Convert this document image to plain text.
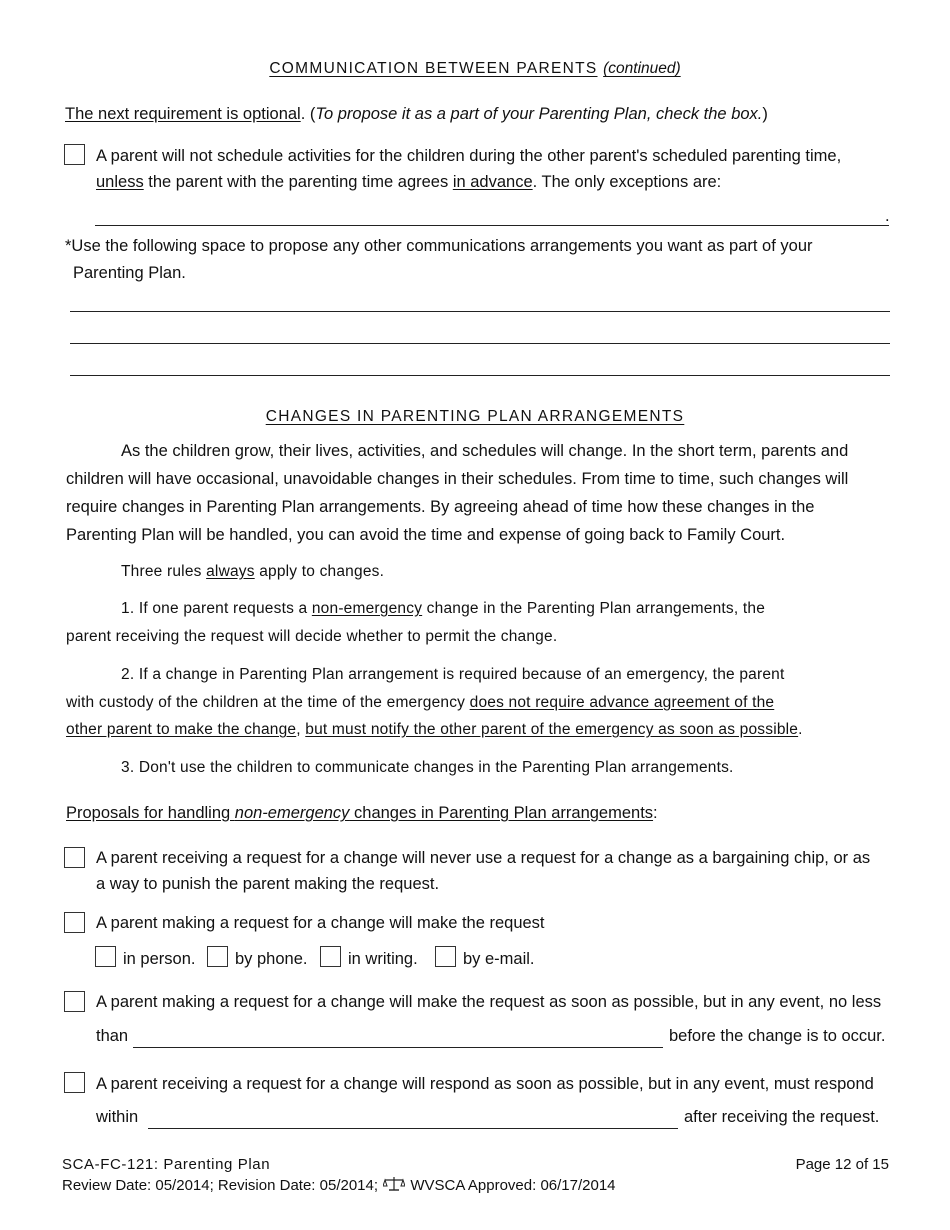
COMMUNICATION BETWEEN PARENTS (continued)
The next requirement is optional. (To propose it as a part of your Parenting Plan, check the box.)
A parent will not schedule activities for the children during the other parent's scheduled parenting time,
unless the parent with the parenting time agrees in advance. The only exceptions are:
.
*Use the following space to propose any other communications arrangements you want as part of your
Parenting Plan.
CHANGES IN PARENTING PLAN ARRANGEMENTS
As the children grow, their lives, activities, and schedules will change. In the short term, parents and
children will have occasional, unavoidable changes in their schedules. From time to time, such changes will
require changes in Parenting Plan arrangements. By agreeing ahead of time how these changes in the
Parenting Plan will be handled, you can avoid the time and expense of going back to Family Court.
Three rules always apply to changes.
1. If one parent requests a non-emergency change in the Parenting Plan arrangements, the
parent receiving the request will decide whether to permit the change.
2. If a change in Parenting Plan arrangement is required because of an emergency, the parent
with custody of the children at the time of the emergency does not require advance agreement of the
other parent to make the change, but must notify the other parent of the emergency as soon as possible.
3. Don't use the children to communicate changes in the Parenting Plan arrangements.
Proposals for handling non-emergency changes in Parenting Plan arrangements:
A parent receiving a request for a change will never use a request for a change as a bargaining chip, or as
a way to punish the parent making the request.
A parent making a request for a change will make the request
in person. by phone. in writing.	by e-mail.
A parent making a request for a change will make the request as soon as possible, but in any event, no less
than	before the change is to occur.
A parent receiving a request for a change will respond as soon as possible, but in any event, must respond
within	after receiving the request.
SCA-FC-121: Parenting Plan	Page 12 of 15
Review Date: 05/2014; Revision Date: 05/2014; WVSCA Approved: 06/17/2014
